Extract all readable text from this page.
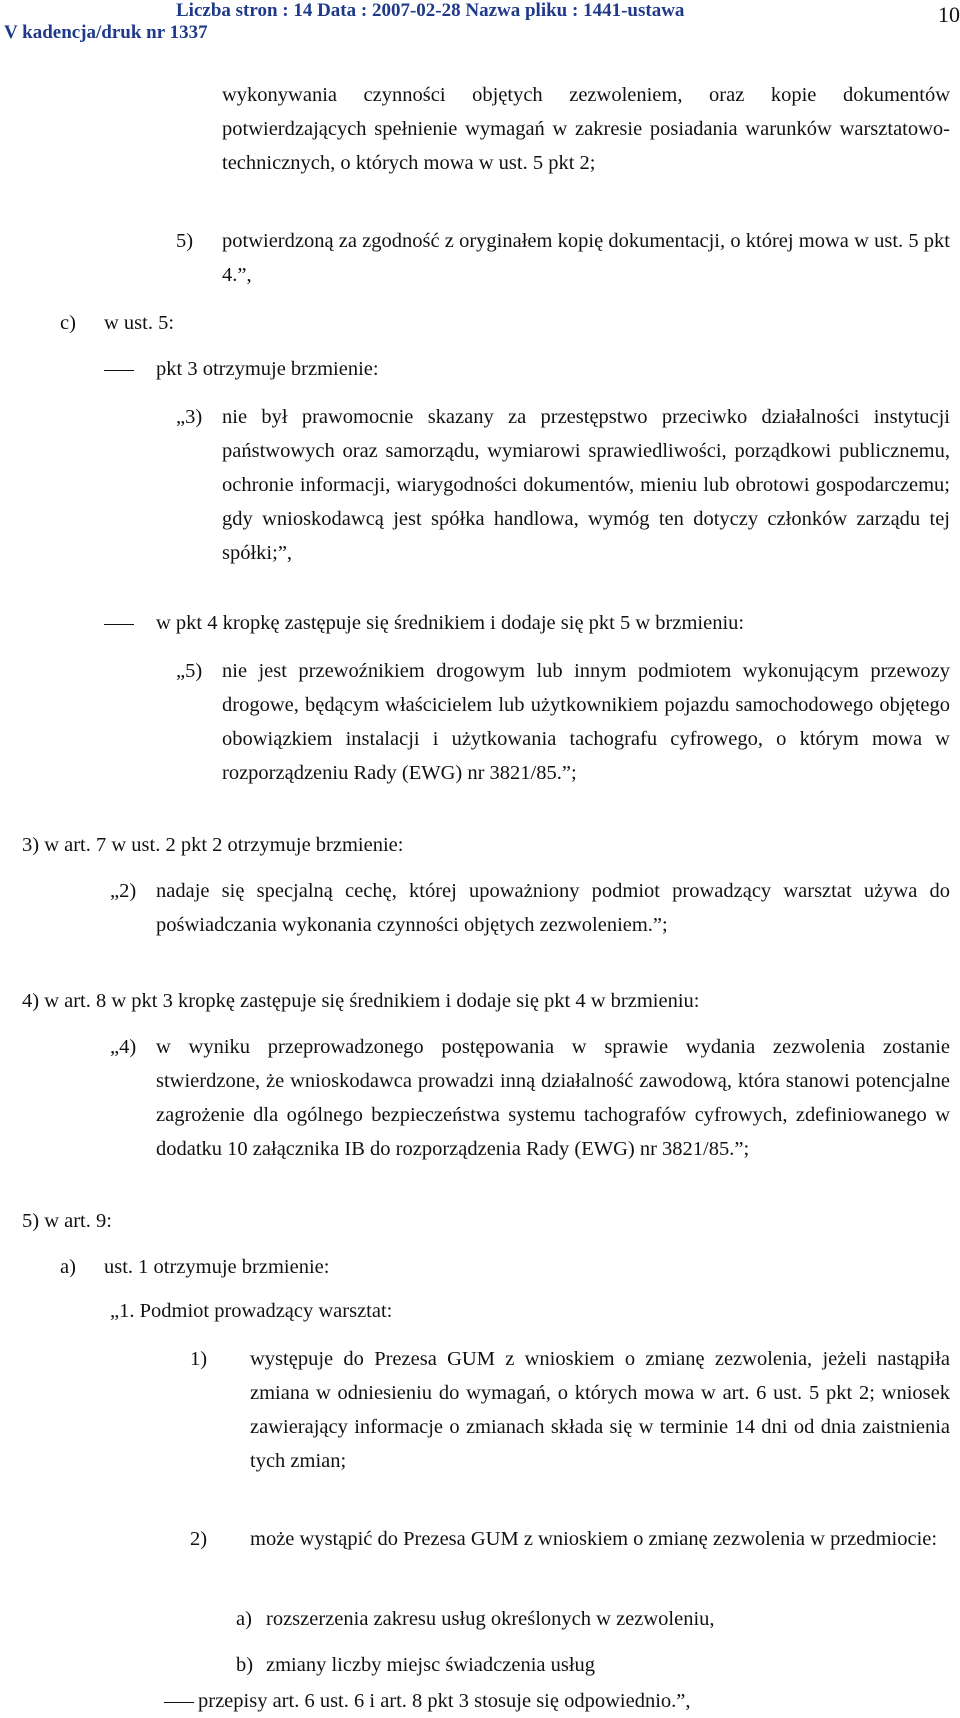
Liczba stron : 14 Data : 2007-02-28 Nazwa pliku : 1441-ustawa
V kadencja/druk nr 1337
10
wykonywania czynności objętych zezwoleniem, oraz kopie dokumentów potwierdzających spełnienie wymagań w zakresie posiadania warunków warsztatowo-technicznych, o których mowa w ust. 5 pkt 2;
5) potwierdzoną za zgodność z oryginałem kopię dokumentacji, o której mowa w ust. 5 pkt 4.”,
c) w ust. 5:
pkt 3 otrzymuje brzmienie:
„3) nie był prawomocnie skazany za przestępstwo przeciwko działalności instytucji państwowych oraz samorządu, wymiarowi sprawiedliwości, porządkowi publicznemu, ochronie informacji, wiarygodności dokumentów, mieniu lub obrotowi gospodarczemu; gdy wnioskodawcą jest spółka handlowa, wymóg ten dotyczy członków zarządu tej spółki;”,
w pkt 4 kropkę zastępuje się średnikiem i dodaje się pkt 5 w brzmieniu:
„5) nie jest przewoźnikiem drogowym lub innym podmiotem wykonującym przewozy drogowe, będącym właścicielem lub użytkownikiem pojazdu samochodowego objętego obowiązkiem instalacji i użytkowania tachografu cyfrowego, o którym mowa w rozporządzeniu Rady (EWG) nr 3821/85.”;
3) w art. 7 w ust. 2 pkt 2 otrzymuje brzmienie:
„2) nadaje się specjalną cechę, której upoważniony podmiot prowadzący warsztat używa do poświadczania wykonania czynności objętych zezwoleniem.”;
4) w art. 8 w pkt 3 kropkę zastępuje się średnikiem i dodaje się pkt 4 w brzmieniu:
„4) w wyniku przeprowadzonego postępowania w sprawie wydania zezwolenia zostanie stwierdzone, że wnioskodawca prowadzi inną działalność zawodową, która stanowi potencjalne zagrożenie dla ogólnego bezpieczeństwa systemu tachografów cyfrowych, zdefiniowanego w dodatku 10 załącznika IB do rozporządzenia Rady (EWG) nr 3821/85.”;
5) w art. 9:
a) ust. 1 otrzymuje brzmienie:
„1. Podmiot prowadzący warsztat:
1) występuje do Prezesa GUM z wnioskiem o zmianę zezwolenia, jeżeli nastąpiła zmiana w odniesieniu do wymagań, o których mowa w art. 6 ust. 5 pkt 2; wniosek zawierający informacje o zmianach składa się w terminie 14 dni od dnia zaistnienia tych zmian;
2) może wystąpić do Prezesa GUM z wnioskiem o zmianę zezwolenia w przedmiocie:
a) rozszerzenia zakresu usług określonych w zezwoleniu,
b) zmiany liczby miejsc świadczenia usług
przepisy art. 6 ust. 6 i art. 8 pkt 3 stosuje się odpowiednio.”,
